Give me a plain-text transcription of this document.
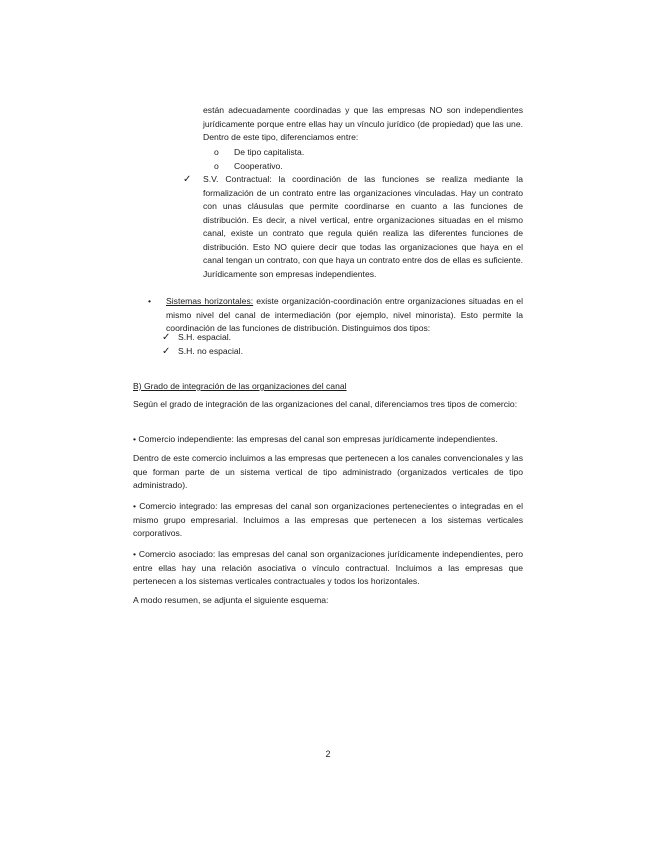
están adecuadamente coordinadas y que las empresas NO son independientes jurídicamente porque entre ellas hay un vínculo jurídico (de propiedad) que las une. Dentro de este tipo, diferenciamos entre:
o De tipo capitalista.
o Cooperativo.
✓	S.V. Contractual: la coordinación de las funciones se realiza mediante la formalización de un contrato entre las organizaciones vinculadas. Hay un contrato con unas cláusulas que permite coordinarse en cuanto a las funciones de distribución. Es decir, a nivel vertical, entre organizaciones situadas en el mismo canal, existe un contrato que regula quién realiza las diferentes funciones de distribución. Esto NO quiere decir que todas las organizaciones que haya en el canal tengan un contrato, con que haya un contrato entre dos de ellas es suficiente. Jurídicamente son empresas independientes.
• Sistemas horizontales: existe organización-coordinación entre organizaciones situadas en el mismo nivel del canal de intermediación (por ejemplo, nivel minorista). Esto permite la coordinación de las funciones de distribución. Distinguimos dos tipos:
✓ S.H. espacial.
✓ S.H. no espacial.
B) Grado de integración de las organizaciones del canal
Según el grado de integración de las organizaciones del canal, diferenciamos tres tipos de comercio:
• Comercio independiente: las empresas del canal son empresas jurídicamente independientes.
Dentro de este comercio incluimos a las empresas que pertenecen a los canales convencionales y las que forman parte de un sistema vertical de tipo administrado (organizados verticales de tipo administrado).
• Comercio integrado: las empresas del canal son organizaciones pertenecientes o integradas en el mismo grupo empresarial. Incluimos a las empresas que pertenecen a los sistemas verticales corporativos.
• Comercio asociado: las empresas del canal son organizaciones jurídicamente independientes, pero entre ellas hay una relación asociativa o vínculo contractual. Incluimos a las empresas que pertenecen a los sistemas verticales contractuales y todos los horizontales.
A modo resumen, se adjunta el siguiente esquema:
2
